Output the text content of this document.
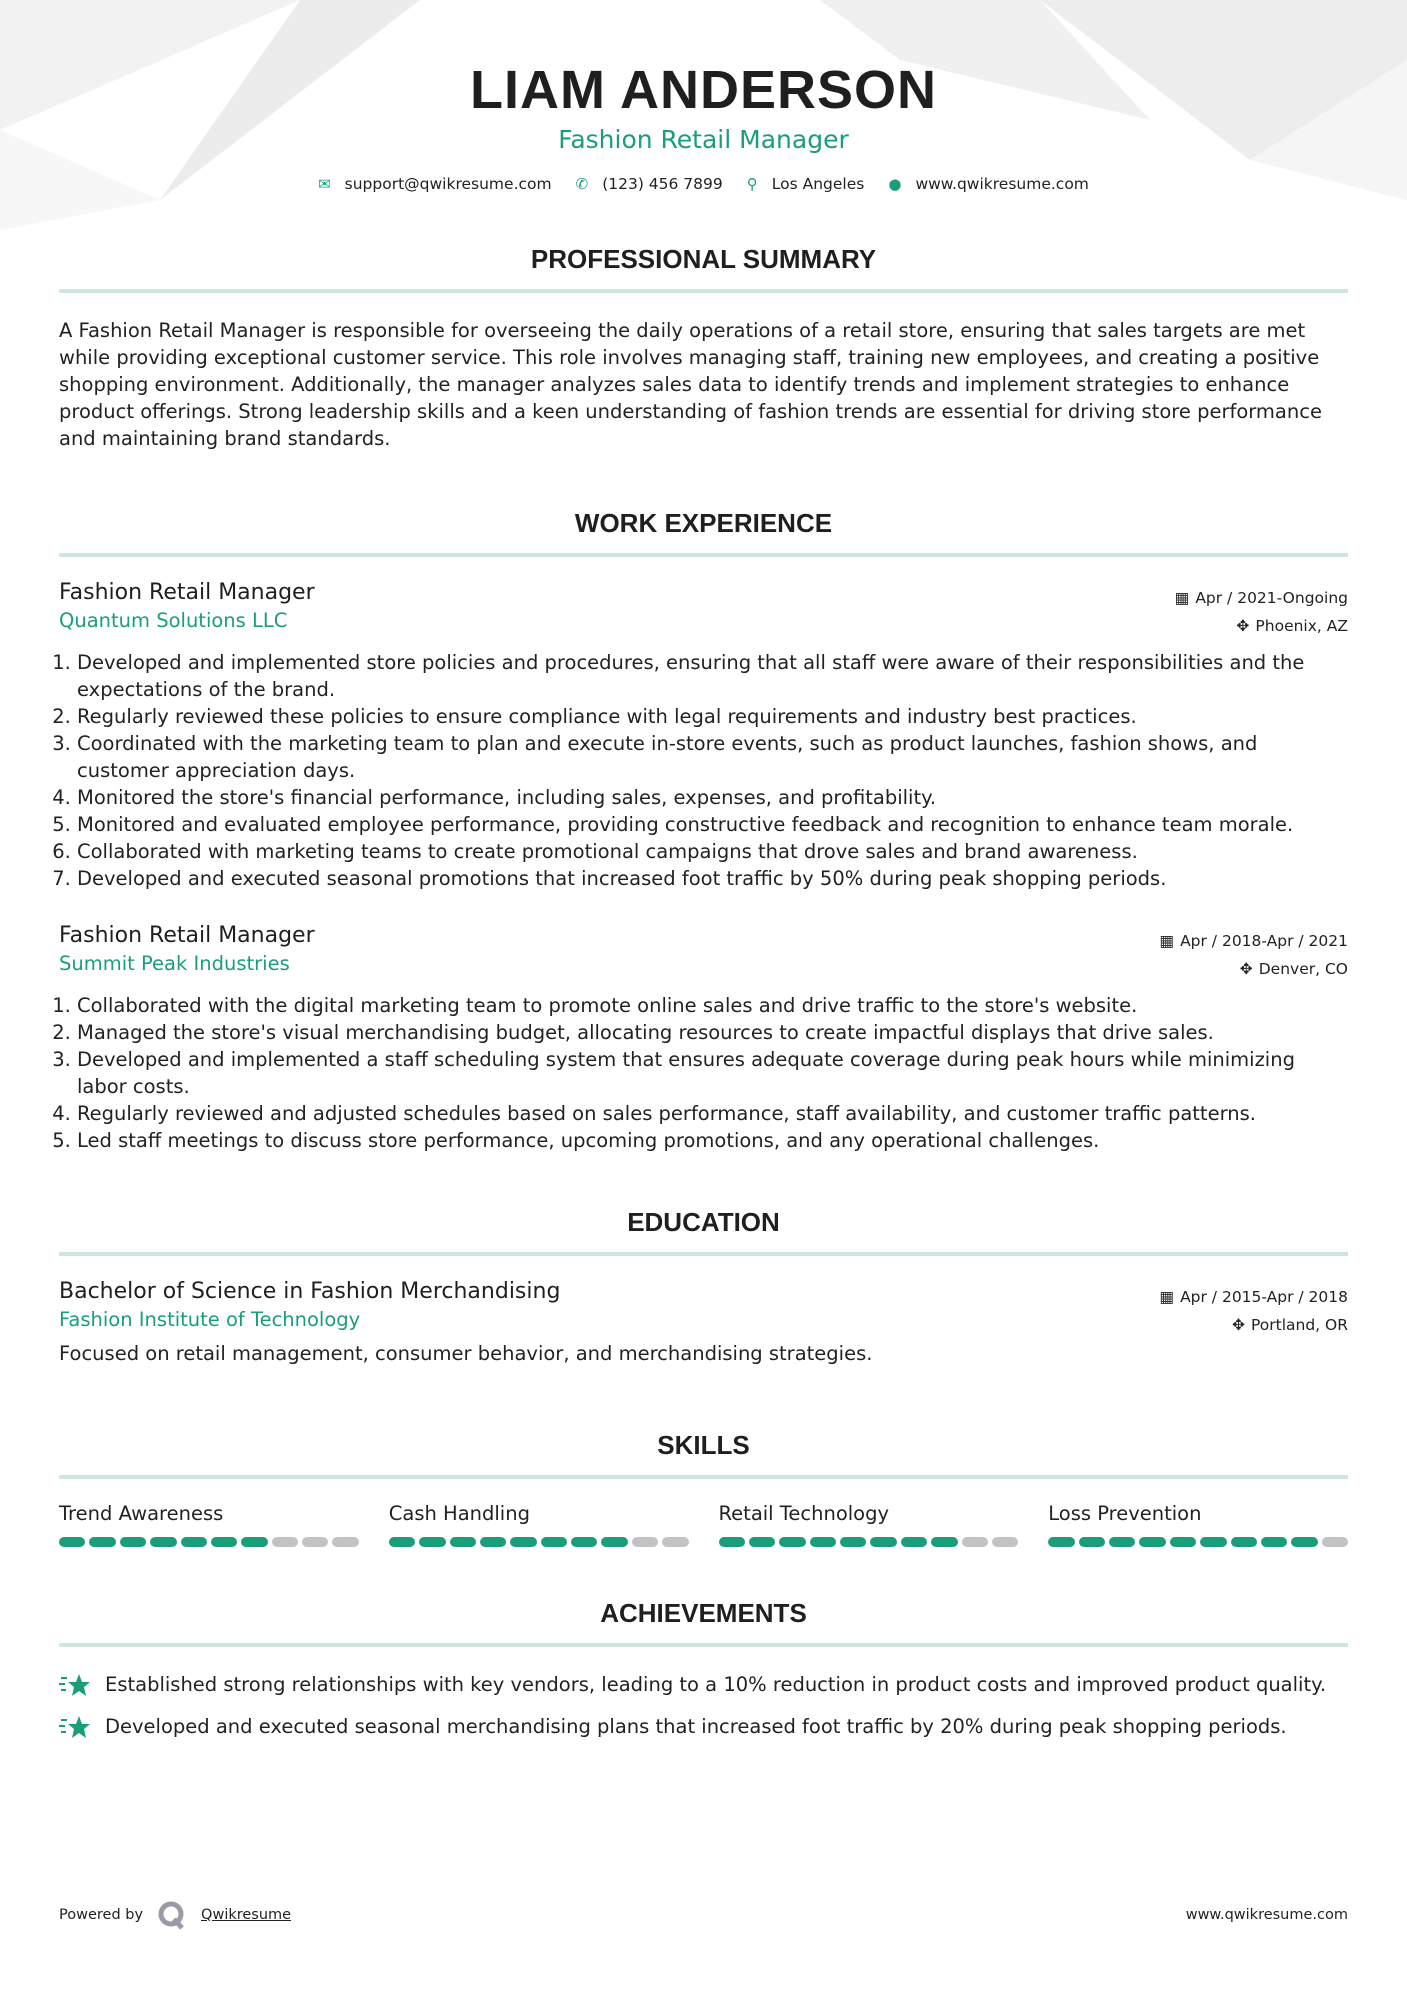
LIAM ANDERSON
Fashion Retail Manager
✉ support@qwikresume.com ✆ (123) 456 7899 ⚲ Los Angeles ● www.qwikresume.com
PROFESSIONAL SUMMARY

A Fashion Retail Manager is responsible for overseeing the daily operations of a retail store, ensuring that sales targets are met while providing exceptional customer service. This role involves managing staff, training new employees, and creating a positive shopping environment. Additionally, the manager analyzes sales data to identify trends and implement strategies to enhance product offerings. Strong leadership skills and a keen understanding of fashion trends are essential for driving store performance and maintaining brand standards.

WORK EXPERIENCE
Fashion Retail Manager	▦ Apr / 2021-Ongoing
Quantum Solutions LLC	✥ Phoenix, AZ
1. Developed and implemented store policies and procedures, ensuring that all staff were aware of their responsibilities and the expectations of the brand.
2. Regularly reviewed these policies to ensure compliance with legal requirements and industry best practices.
3. Coordinated with the marketing team to plan and execute in-store events, such as product launches, fashion shows, and customer appreciation days.
4. Monitored the store's financial performance, including sales, expenses, and profitability.
5. Monitored and evaluated employee performance, providing constructive feedback and recognition to enhance team morale.
6. Collaborated with marketing teams to create promotional campaigns that drove sales and brand awareness.
7. Developed and executed seasonal promotions that increased foot traffic by 50% during peak shopping periods.
Fashion Retail Manager	▦ Apr / 2018-Apr / 2021
Summit Peak Industries	✥ Denver, CO
1. Collaborated with the digital marketing team to promote online sales and drive traffic to the store's website.
2. Managed the store's visual merchandising budget, allocating resources to create impactful displays that drive sales.
3. Developed and implemented a staff scheduling system that ensures adequate coverage during peak hours while minimizing labor costs.
4. Regularly reviewed and adjusted schedules based on sales performance, staff availability, and customer traffic patterns.
5. Led staff meetings to discuss store performance, upcoming promotions, and any operational challenges.
EDUCATION
Bachelor of Science in Fashion Merchandising	▦ Apr / 2015-Apr / 2018
Fashion Institute of Technology	✥ Portland, OR

Focused on retail management, consumer behavior, and merchandising strategies.

SKILLS
Trend Awareness	Cash Handling	Retail Technology	Loss Prevention
ACHIEVEMENTS

Established strong relationships with key vendors, leading to a 10% reduction in product costs and improved product quality.

Developed and executed seasonal merchandising plans that increased foot traffic by 20% during peak shopping periods.

Powered by	Qwikresume	www.qwikresume.com
